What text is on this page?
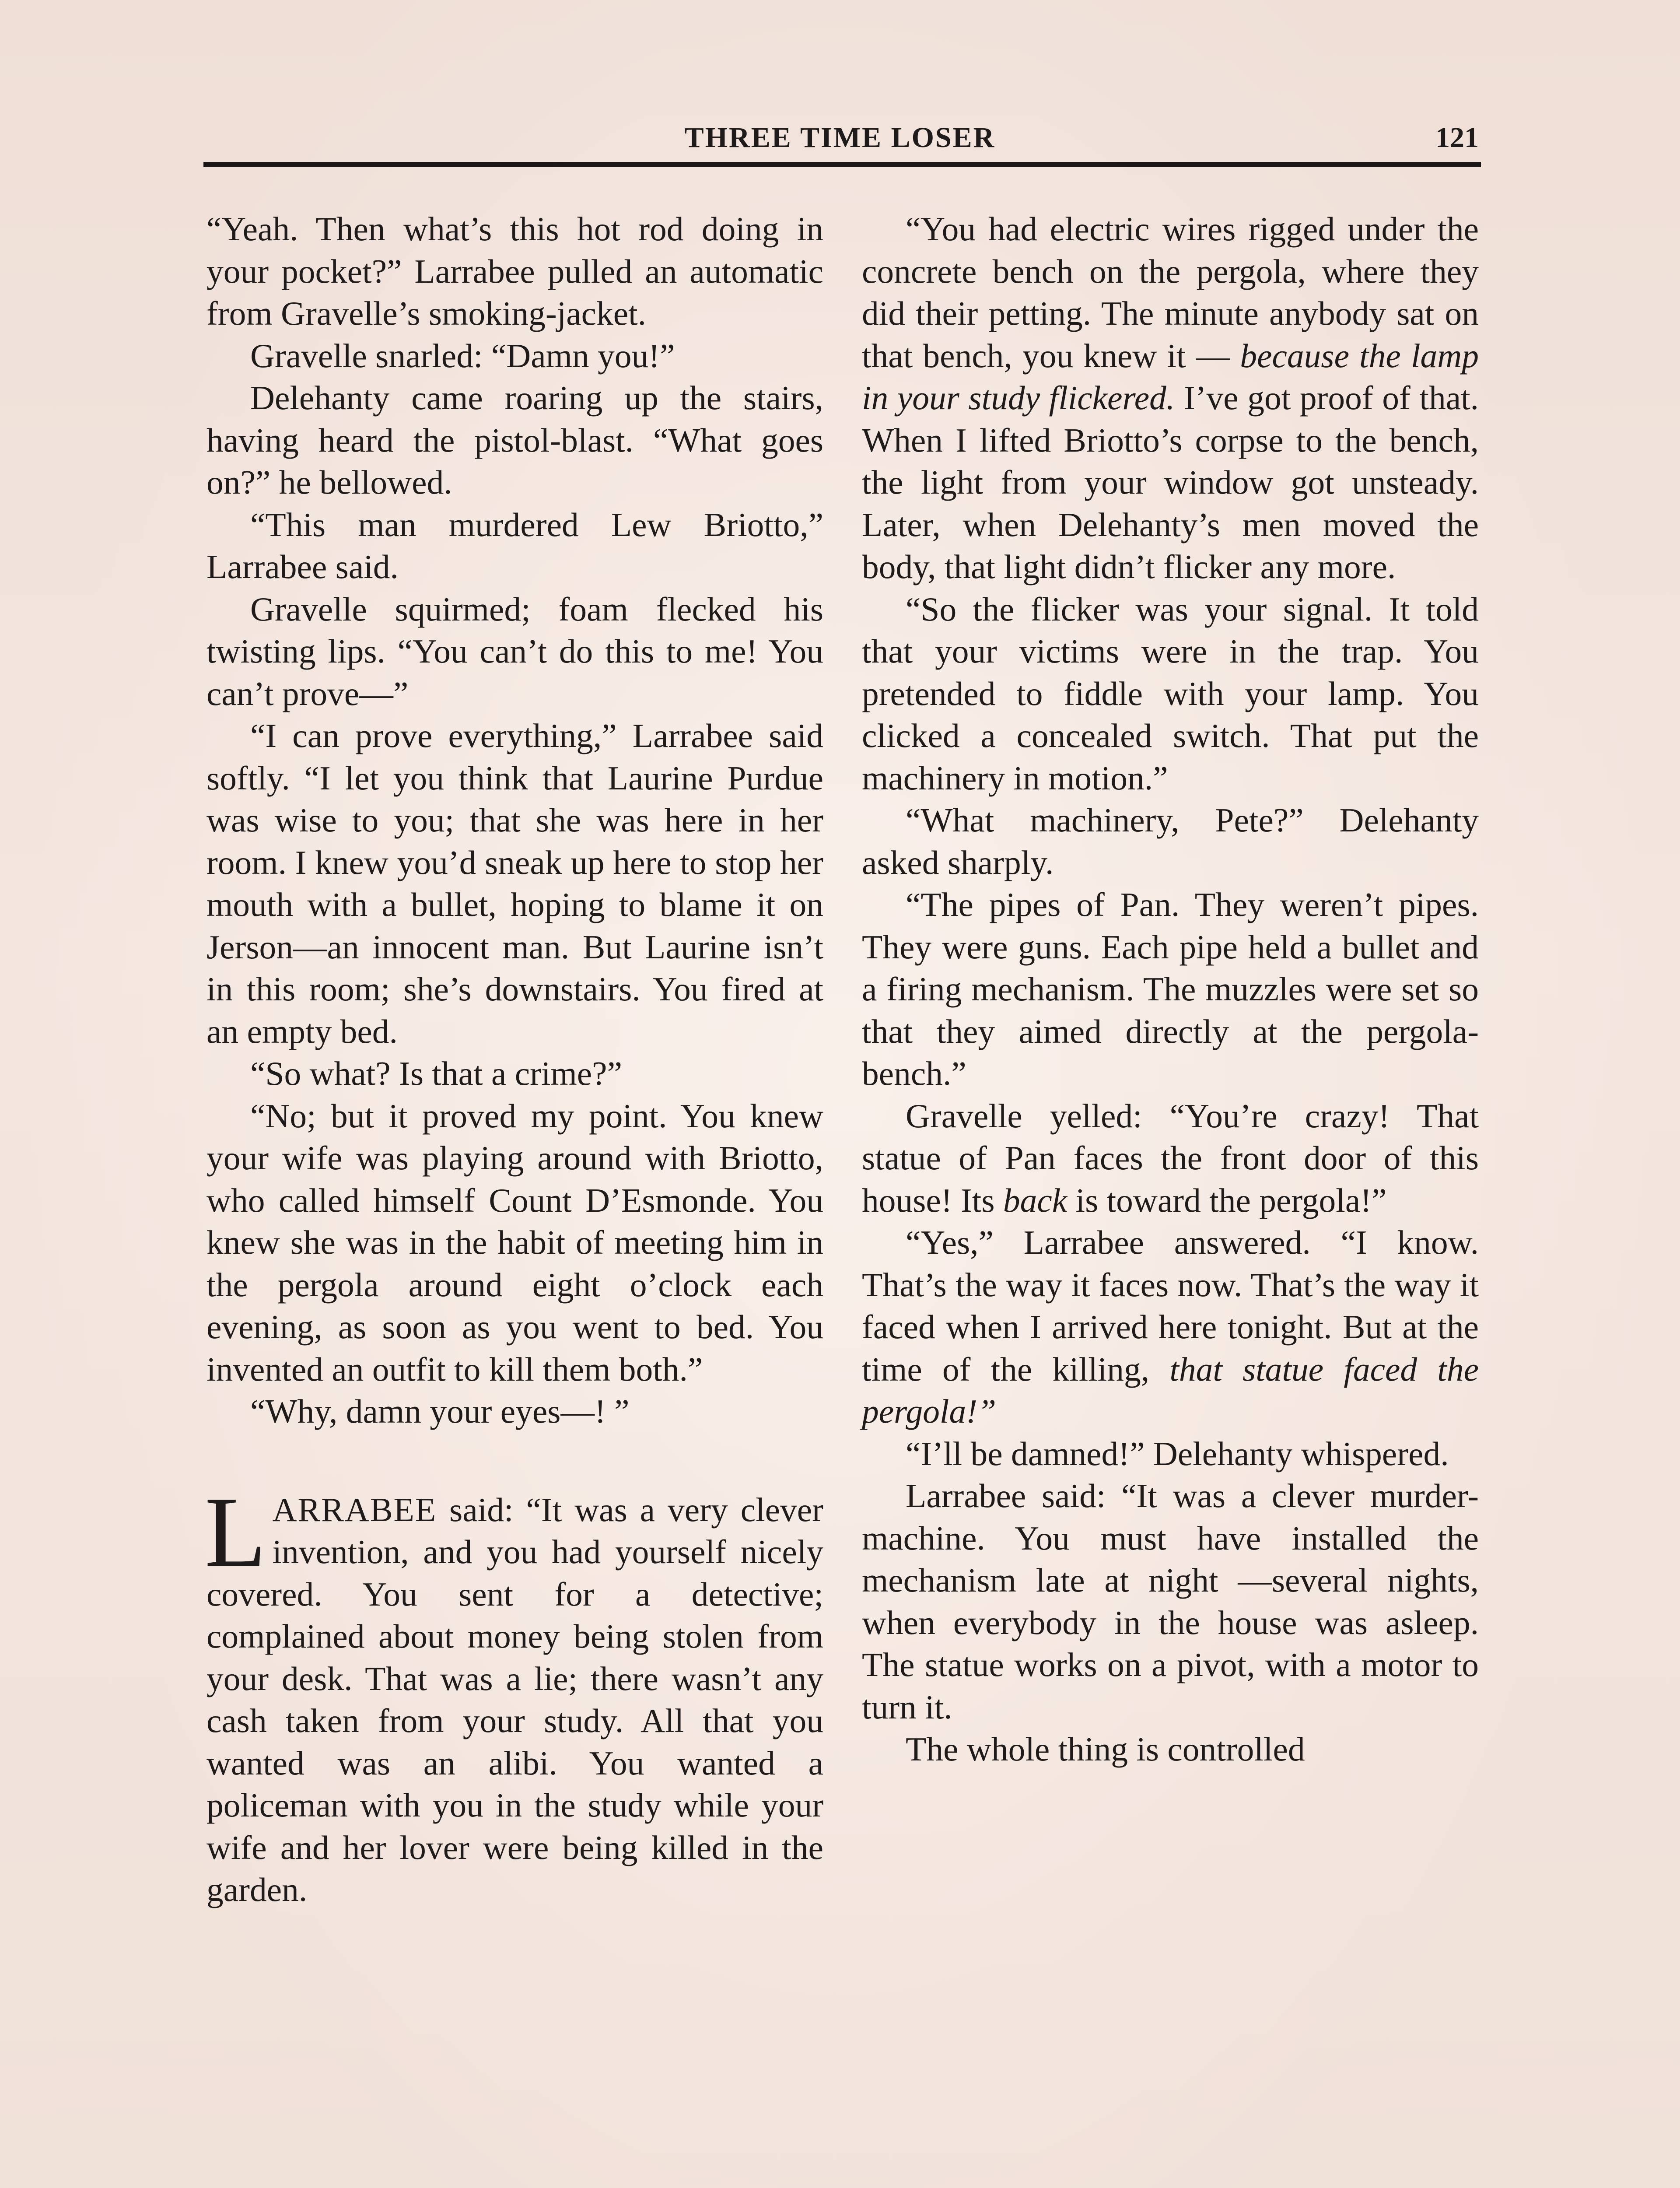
THREE TIME LOSER	121

“Yeah. Then what’s this hot rod doing in your pocket?” Larrabee pulled an automatic from Gravelle’s smoking-jacket.

Gravelle snarled: “Damn you!”

Delehanty came roaring up the stairs, having heard the pistol-blast. “What goes on?” he bellowed.

“This man murdered Lew Briotto,” Larrabee said.

Gravelle squirmed; foam flecked his twisting lips. “You can’t do this to me! You can’t prove—”

“I can prove everything,” Larrabee said softly. “I let you think that Laurine Purdue was wise to you; that she was here in her room. I knew you’d sneak up here to stop her mouth with a bullet, hoping to blame it on Jerson—an innocent man. But Laurine isn’t in this room; she’s downstairs. You fired at an empty bed.

“So what? Is that a crime?”

“No; but it proved my point. You knew your wife was playing around with Briotto, who called himself Count D’Esmonde. You knew she was in the habit of meeting him in the pergola around eight o’clock each evening, as soon as you went to bed. You invented an outfit to kill them both.”

“Why, damn your eyes—! ”

LARRABEE said: “It was a very clever invention, and you had yourself nicely covered. You sent for a detective; complained about money being stolen from your desk. That was a lie; there wasn’t any cash taken from your study. All that you wanted was an alibi. You wanted a policeman with you in the study while your wife and her lover were being killed in the garden.

“You had electric wires rigged under the concrete bench on the pergola, where they did their petting. The minute anybody sat on that bench, you knew it — because the lamp in your study flickered. I’ve got proof of that. When I lifted Briotto’s corpse to the bench, the light from your window got unsteady. Later, when Delehanty’s men moved the body, that light didn’t flicker any more.

“So the flicker was your signal. It told that your victims were in the trap. You pretended to fiddle with your lamp. You clicked a concealed switch. That put the machinery in motion.”

“What machinery, Pete?” Delehanty asked sharply.

“The pipes of Pan. They weren’t pipes. They were guns. Each pipe held a bullet and a firing mechanism. The muzzles were set so that they aimed directly at the pergola-bench.”

Gravelle yelled: “You’re crazy! That statue of Pan faces the front door of this house! Its back is toward the pergola!”

“Yes,” Larrabee answered. “I know. That’s the way it faces now. That’s the way it faced when I arrived here tonight. But at the time of the killing, that statue faced the pergola!”

“I’ll be damned!” Delehanty whispered.

Larrabee said: “It was a clever murder-machine. You must have installed the mechanism late at night —several nights, when everybody in the house was asleep. The statue works on a pivot, with a motor to turn it.

The whole thing is controlled
